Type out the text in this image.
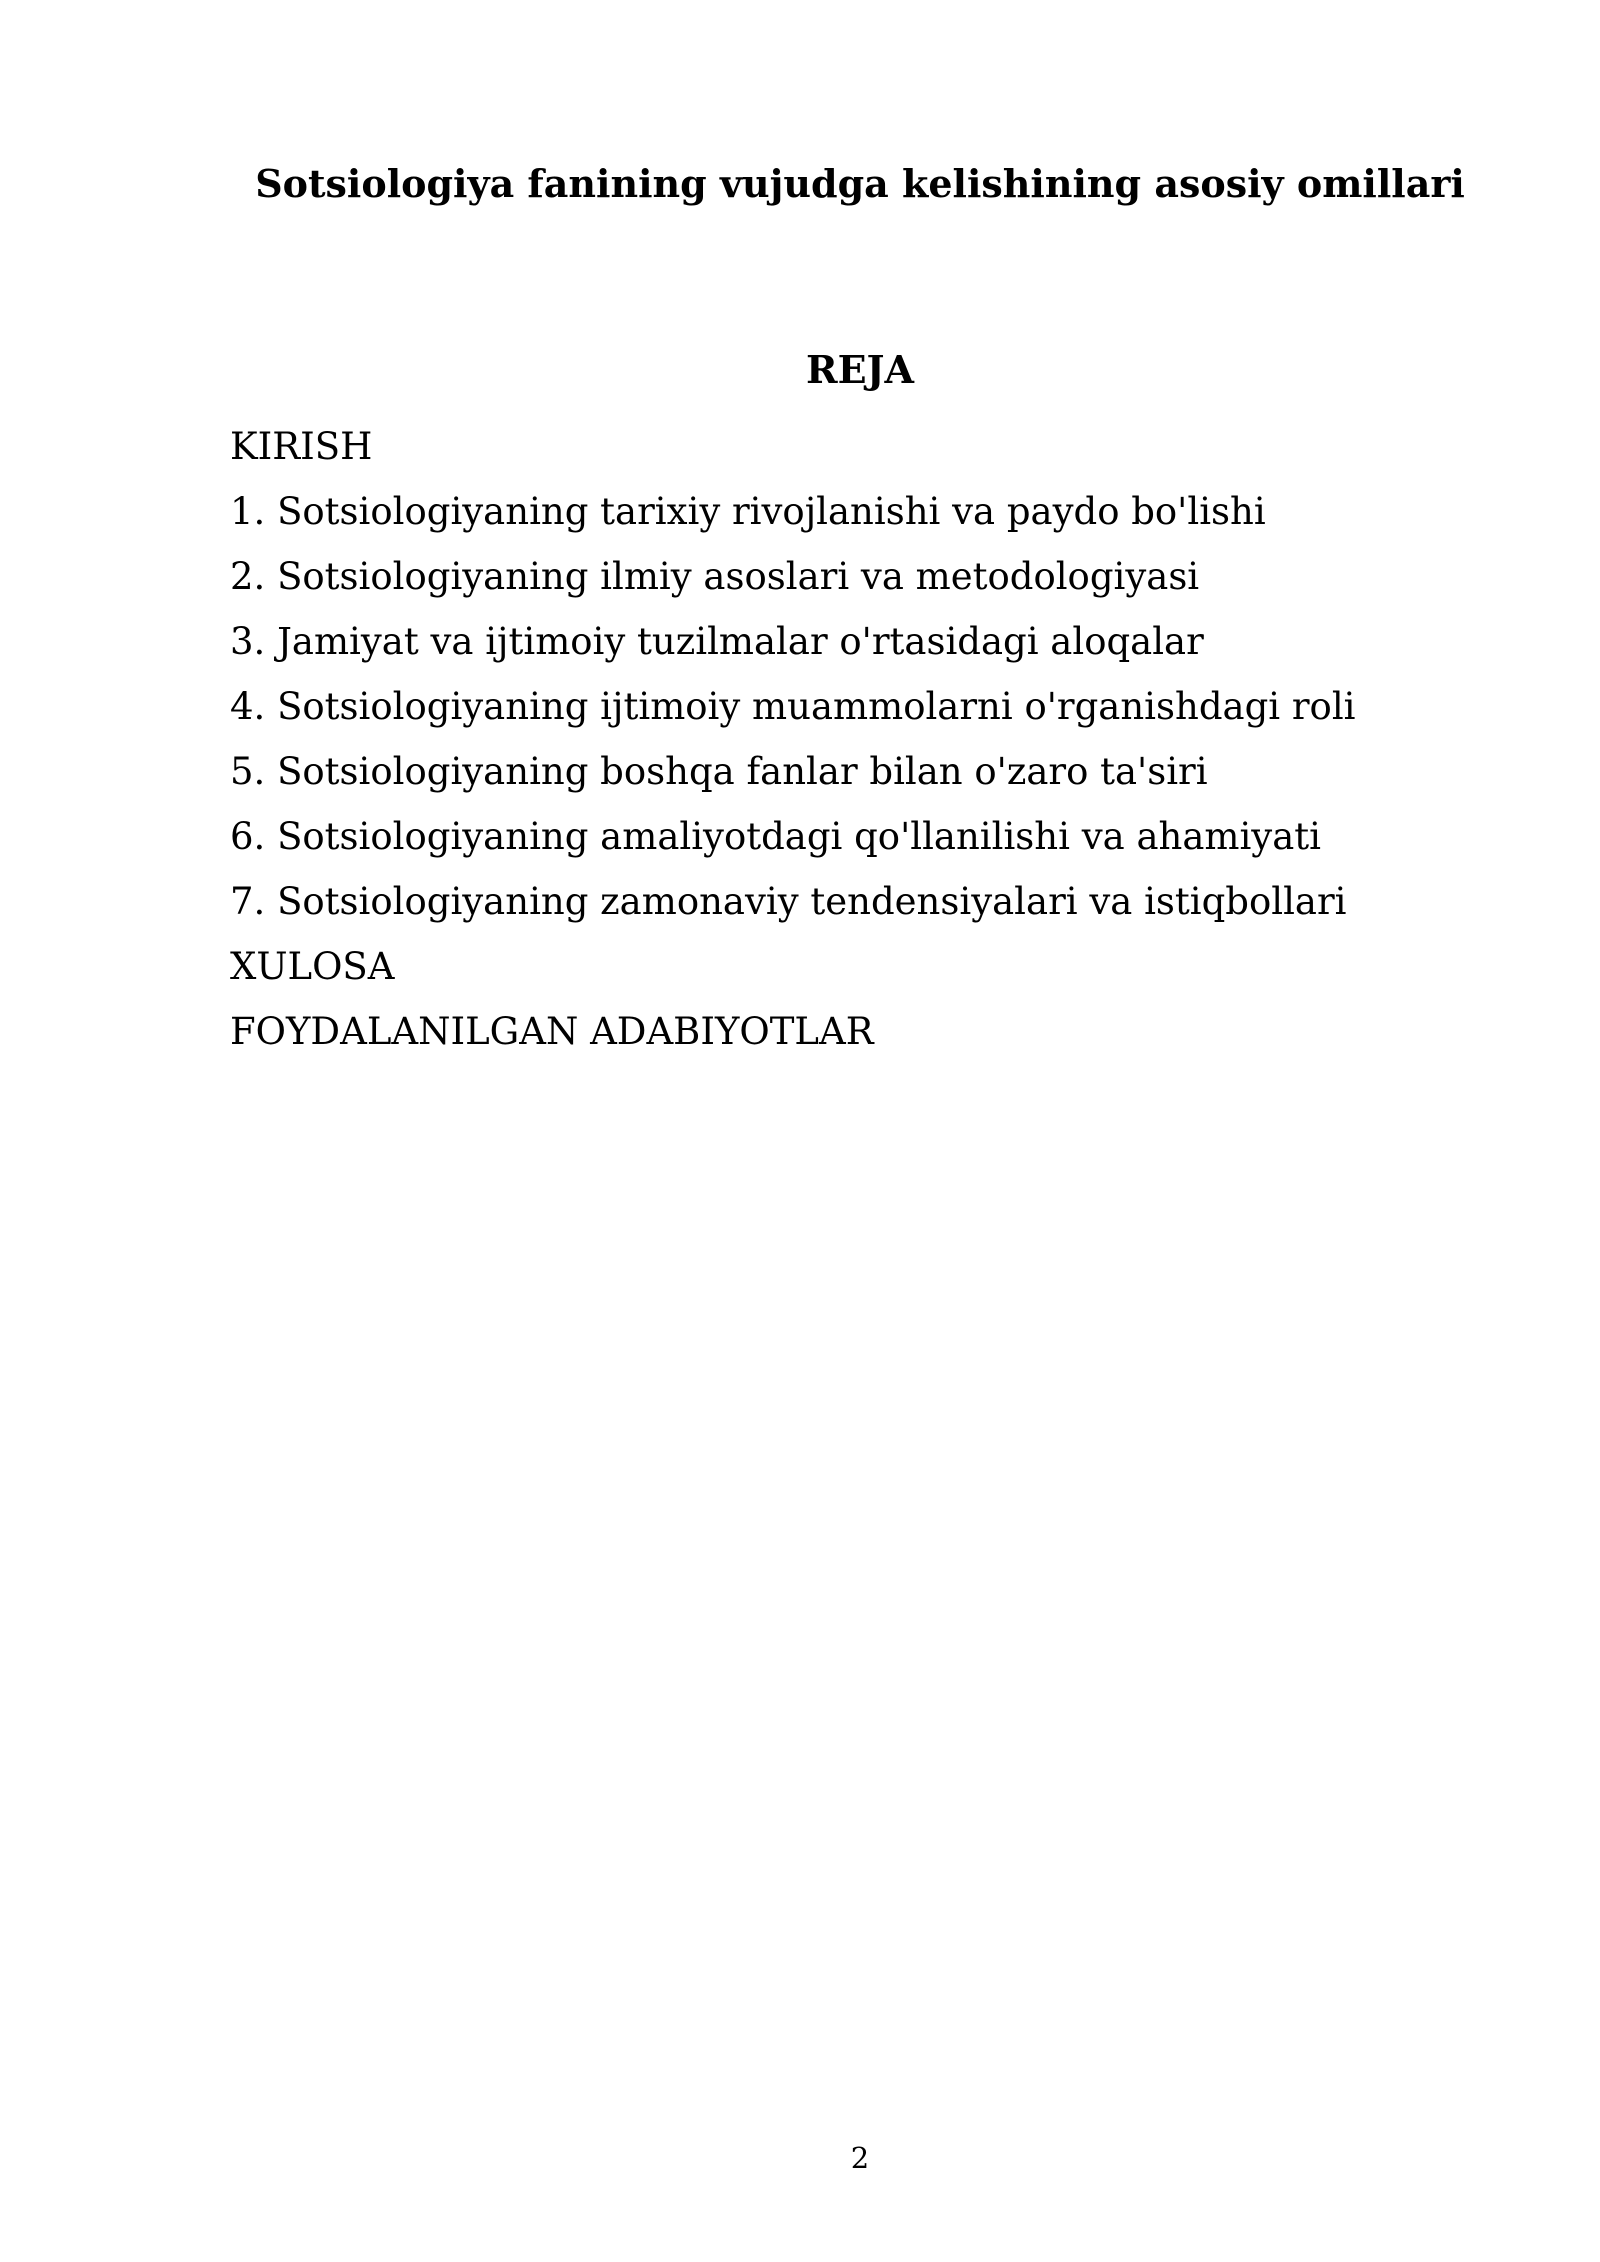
Sotsiologiya fanining vujudga kelishining asosiy omillari
REJA
KIRISH
1. Sotsiologiyaning tarixiy rivojlanishi va paydo bo'lishi
2. Sotsiologiyaning ilmiy asoslari va metodologiyasi
3. Jamiyat va ijtimoiy tuzilmalar o'rtasidagi aloqalar
4. Sotsiologiyaning ijtimoiy muammolarni o'rganishdagi roli
5. Sotsiologiyaning boshqa fanlar bilan o'zaro ta'siri
6. Sotsiologiyaning amaliyotdagi qo'llanilishi va ahamiyati
7. Sotsiologiyaning zamonaviy tendensiyalari va istiqbollari
XULOSA
FOYDALANILGAN ADABIYOTLAR
2
